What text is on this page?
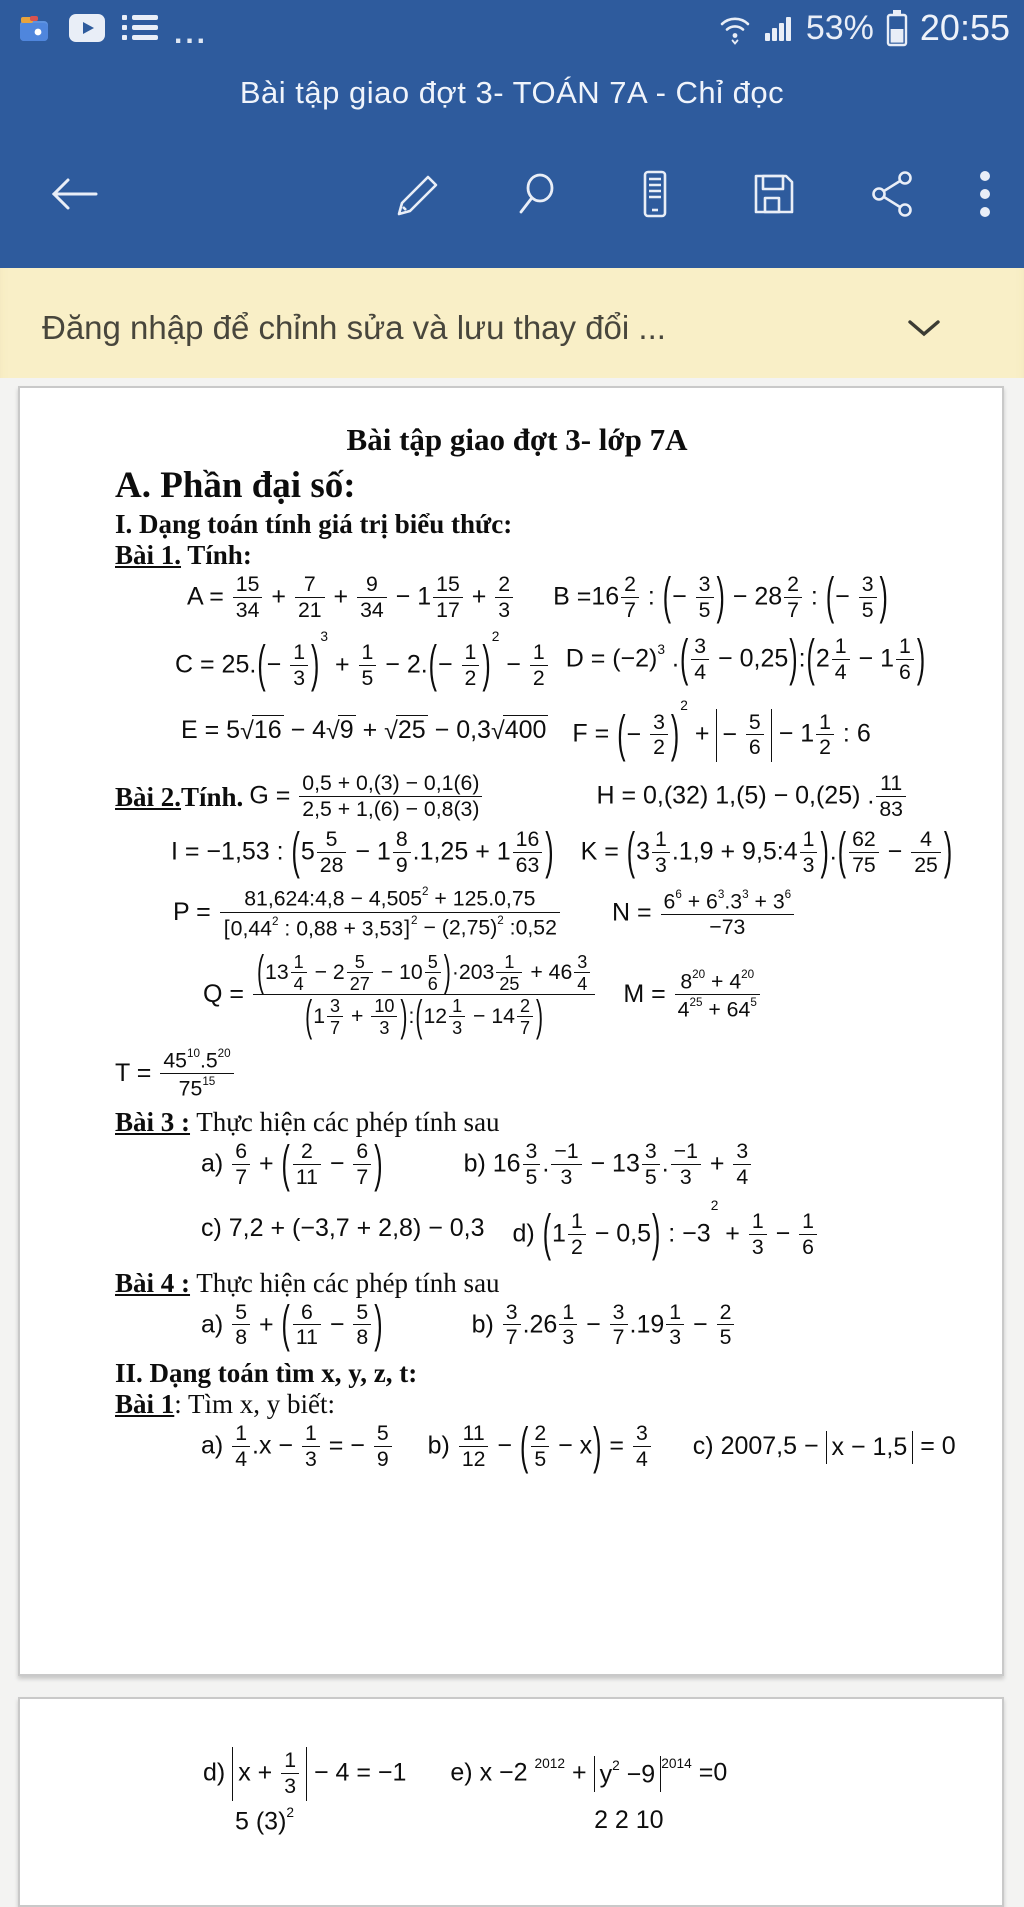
...	53% 20:55
Bài tập giao đợt 3- TOÁN 7A - Chỉ đọc
Đăng nhập để chỉnh sửa và lưu thay đổi ...
Bài tập giao đợt 3- lớp 7A
A. Phần đại số:
I. Dạng toán tính giá trị biểu thức:
Bài 1. Tính:
$A = \frac{15}{34} + \frac{7}{21} + \frac{9}{34} - 1 \frac{15}{17} + \frac{2}{3}$ $B =16 \frac{2}{7}$ : ( − $\frac{3}{5}$ ) − $28 \frac{2}{7}$ : ( − $\frac{3}{5}$ )
C = 25. ( − $\frac{1}{3}$ ) $^3 + \frac{1}{5} - 2$. ( − $\frac{1}{2}$ ) $^2 - \frac{1}{2}$ $D = (-2)^3$ . ( $\frac{3}{4} - 0,25$ ) : ( $2 \frac{1}{4} - 1 \frac{1}{6}$ )
E = 5√16 − 4√9 + √25 − 0,3√400 F = ( − $\frac{3}{2}$ ) $^2$ + − $\frac{5}{6} - 1 \frac{1}{2}$ : 6
Bài 2.Tính. $G = \frac{0,5 + 0,(3) - 0,1(6)}{2,5 + 1,(6) - 0,8(3)}$	H = 0,(32) 1,(5) − 0,(25) . $\frac{11}{83}$
I = −1,53 : ( $5 \frac{5}{28} - 1 \frac{8}{9} .1,25 + 1 \frac{16}{63}$ ) K = ( $3 \frac{1}{3} .1,9$ + 9,5:4 $\frac{1}{3}$ ) . ( $\frac{62}{75} - \frac{4}{25}$ )
$P = \frac{81,624:4,8 - 4,505^2 + 125.0,75}{[ 0,44^2 : 0,88 + 3,53 ] ^2 - (2,75)^2 :0,52}$ $N = \frac{6^6 + 6^3.3^3 + 3^6}{-73}$
$Q = \frac{( 13 \frac{1}{4} - 2 \frac{5}{27} - 10 \frac{5}{6} ) \cdot 203 \frac{1}{25} + 46 \frac{3}{4}}{( 1 \frac{3}{7} + \frac{10}{3} ) : ( 12 \frac{1}{3} - 14 \frac{2}{7} )}$ $M = \frac{8^{20} + 4^{20}}{4^{25} + 64^5}$
$T = \frac{45^{10}.5^{20}}{75^{15}}$
Bài 3 : Thực hiện các phép tính sau
$a) \frac{6}{7}$ + ( $\frac{2}{11} - \frac{6}{7}$ )	b) $16 \frac{3}{5}$ . $\frac{-1}{3} - 13 \frac{3}{5}$ . $\frac{-1}{3} + \frac{3}{4}$
c) 7,2 + (−3,7 + 2,8) − 0,3 d) ( $1 \frac{1}{2} - 0,5$ ) : $-3^2 + \frac{1}{3} - \frac{1}{6}$
Bài 4 : Thực hiện các phép tính sau
$a) \frac{5}{8}$ + ( $\frac{6}{11} - \frac{5}{8}$ )	$b) \frac{3}{7} .26 \frac{1}{3} - \frac{3}{7} .19 \frac{1}{3} - \frac{2}{5}$
II. Dạng toán tìm x, y, z, t:
Bài 1: Tìm x, y biết:
$a) \frac{1}{4} .x - \frac{1}{3}$ = − $\frac{5}{9} b) \frac{11}{12}$ − ( $\frac{2}{5} - x$ ) = $\frac{3}{4} c$) 2007,5 − x − 1,5 = 0
d) $x + \frac{1}{3} - 4 = -1$ e) x −2 $^{2012} + y^2 -9$ $^{2014}$ =0
5 $(3)^2$	2 2 10
